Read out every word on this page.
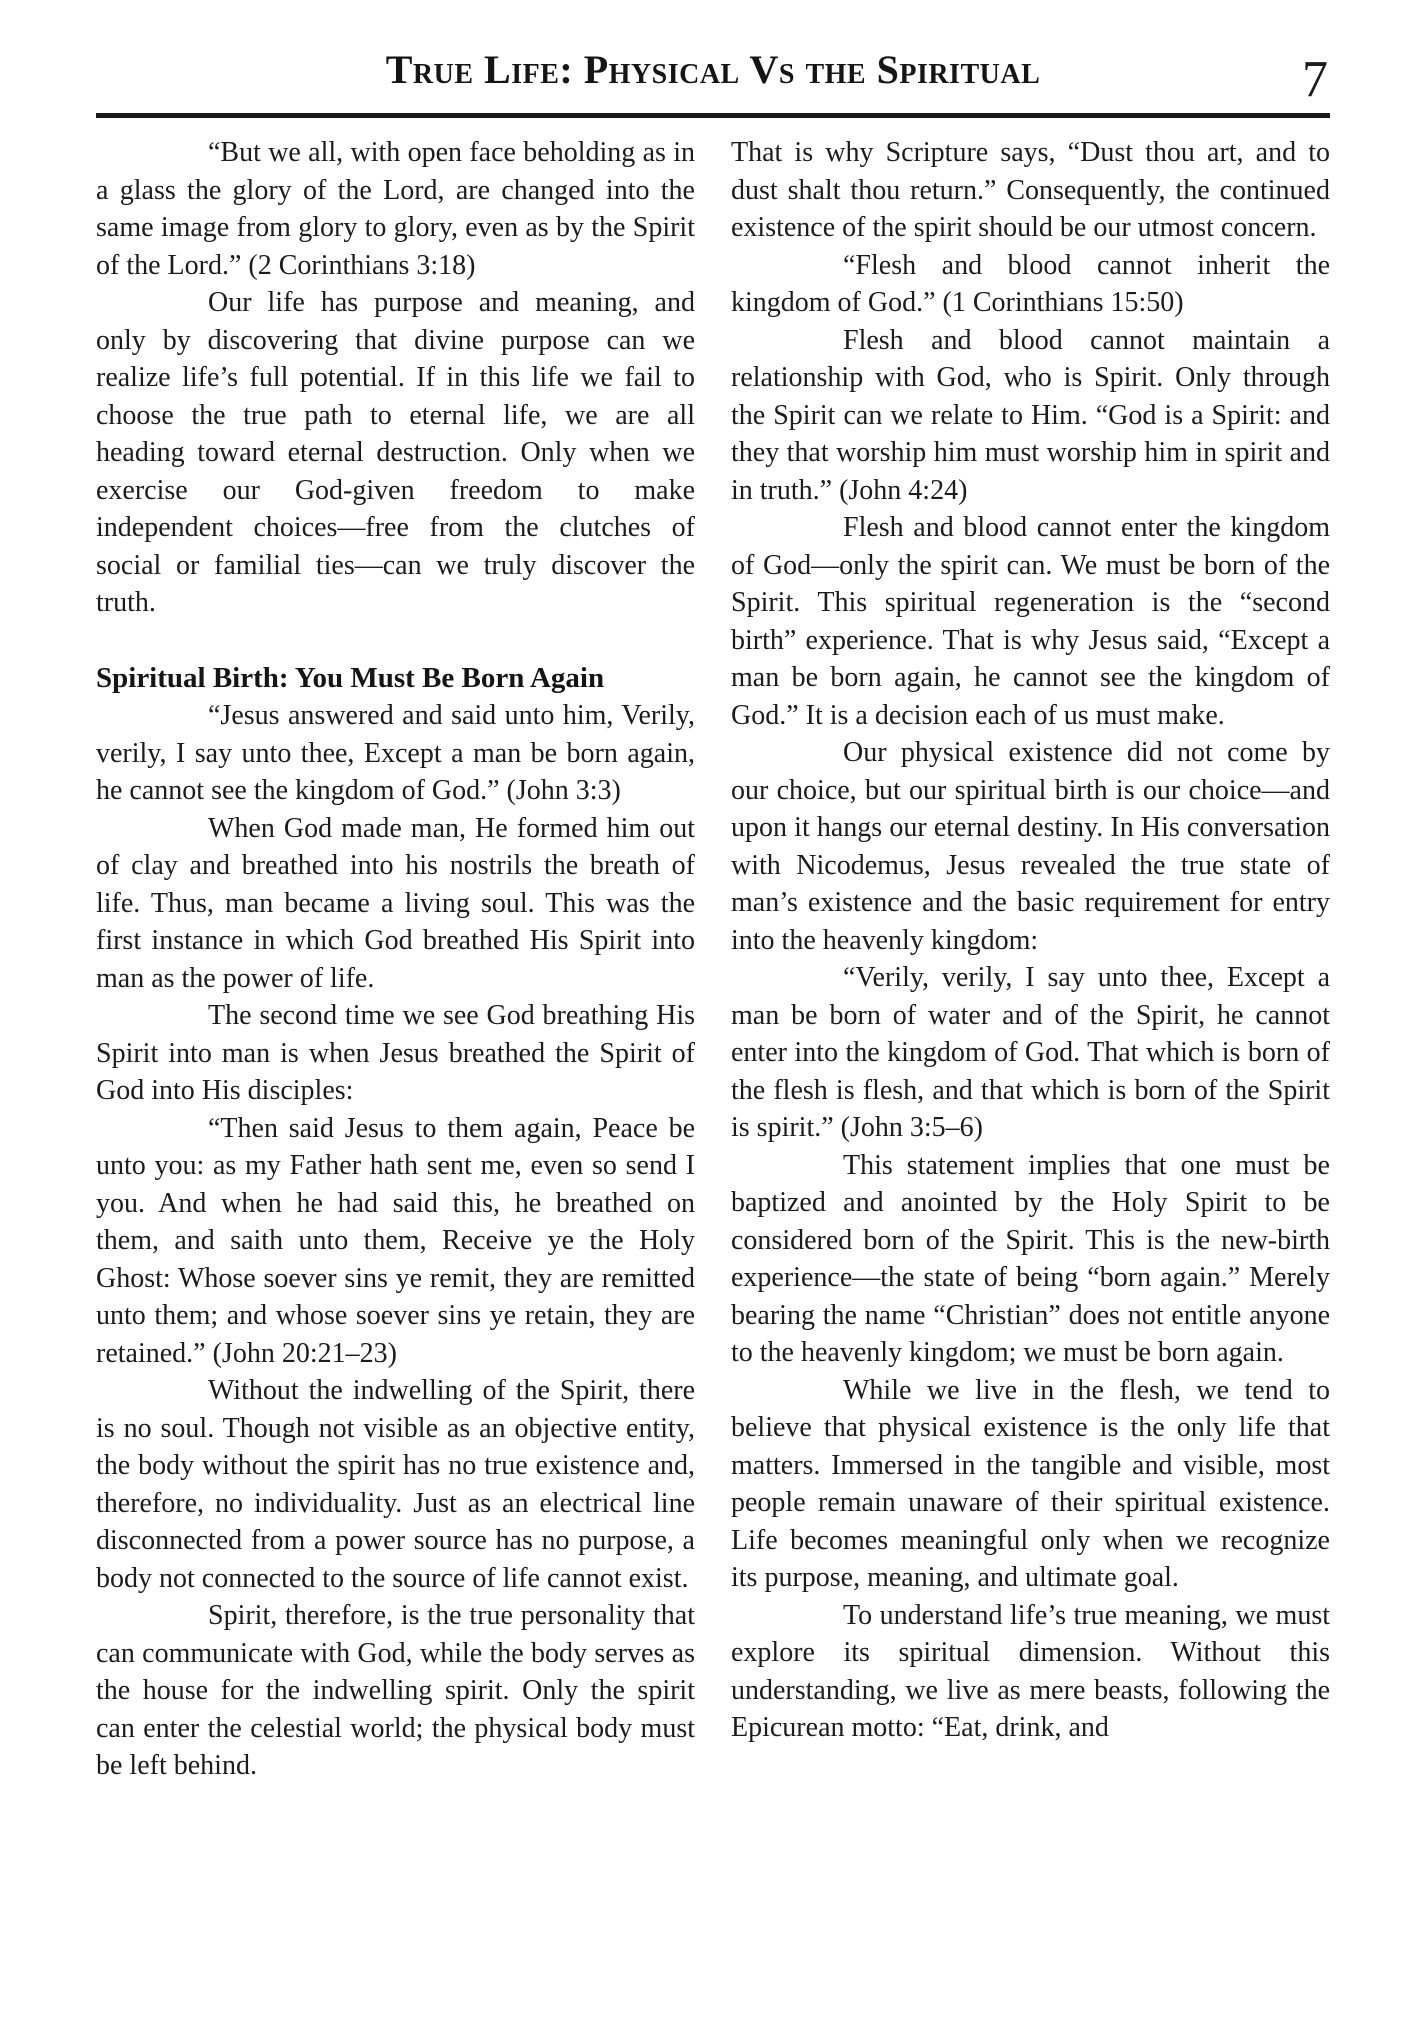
True Life: Physical Vs the Spiritual	7

“But we all, with open face beholding as in a glass the glory of the Lord, are changed into the same image from glory to glory, even as by the Spirit of the Lord.” (2 Corinthians 3:18)

Our life has purpose and meaning, and only by discovering that divine purpose can we realize life’s full potential. If in this life we fail to choose the true path to eternal life, we are all heading toward eternal destruction. Only when we exercise our God-given freedom to make independent choices—free from the clutches of social or familial ties—can we truly discover the truth.

Spiritual Birth: You Must Be Born Again

“Jesus answered and said unto him, Verily, verily, I say unto thee, Except a man be born again, he cannot see the kingdom of God.” (John 3:3)

When God made man, He formed him out of clay and breathed into his nostrils the breath of life. Thus, man became a living soul. This was the first instance in which God breathed His Spirit into man as the power of life.

The second time we see God breathing His Spirit into man is when Jesus breathed the Spirit of God into His disciples:

“Then said Jesus to them again, Peace be unto you: as my Father hath sent me, even so send I you. And when he had said this, he breathed on them, and saith unto them, Receive ye the Holy Ghost: Whose soever sins ye remit, they are remitted unto them; and whose soever sins ye retain, they are retained.” (John 20:21–23)

Without the indwelling of the Spirit, there is no soul. Though not visible as an objective entity, the body without the spirit has no true existence and, therefore, no individuality. Just as an electrical line disconnected from a power source has no purpose, a body not connected to the source of life cannot exist.

Spirit, therefore, is the true personality that can communicate with God, while the body serves as the house for the indwelling spirit. Only the spirit can enter the celestial world; the physical body must be left behind.

That is why Scripture says, “Dust thou art, and to dust shalt thou return.” Consequently, the continued existence of the spirit should be our utmost concern.

“Flesh and blood cannot inherit the kingdom of God.” (1 Corinthians 15:50)

Flesh and blood cannot maintain a relationship with God, who is Spirit. Only through the Spirit can we relate to Him. “God is a Spirit: and they that worship him must worship him in spirit and in truth.” (John 4:24)

Flesh and blood cannot enter the kingdom of God—only the spirit can. We must be born of the Spirit. This spiritual regeneration is the “second birth” experience. That is why Jesus said, “Except a man be born again, he cannot see the kingdom of God.” It is a decision each of us must make.

Our physical existence did not come by our choice, but our spiritual birth is our choice—and upon it hangs our eternal destiny. In His conversation with Nicodemus, Jesus revealed the true state of man’s existence and the basic requirement for entry into the heavenly kingdom:

“Verily, verily, I say unto thee, Except a man be born of water and of the Spirit, he cannot enter into the kingdom of God. That which is born of the flesh is flesh, and that which is born of the Spirit is spirit.” (John 3:5–6)

This statement implies that one must be baptized and anointed by the Holy Spirit to be considered born of the Spirit. This is the new-birth experience—the state of being “born again.” Merely bearing the name “Christian” does not entitle anyone to the heavenly kingdom; we must be born again.

While we live in the flesh, we tend to believe that physical existence is the only life that matters. Immersed in the tangible and visible, most people remain unaware of their spiritual existence. Life becomes meaningful only when we recognize its purpose, meaning, and ultimate goal.

To understand life’s true meaning, we must explore its spiritual dimension. Without this understanding, we live as mere beasts, following the Epicurean motto: “Eat, drink, and
